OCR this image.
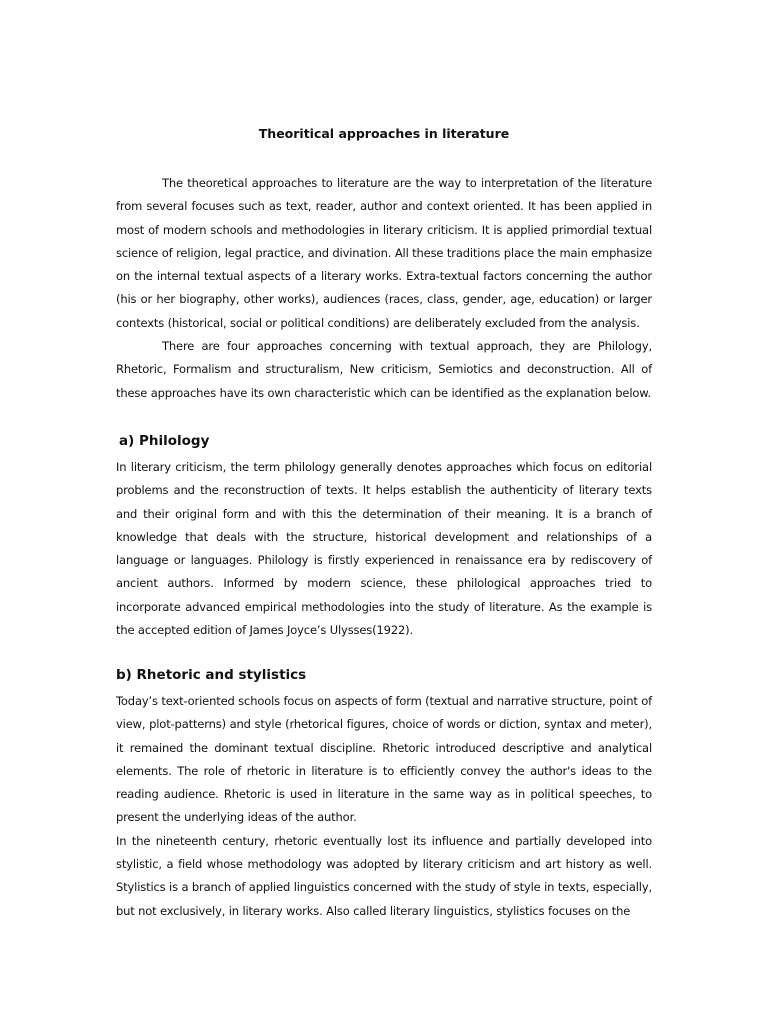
Theoritical approaches in literature

The theoretical approaches to literature are the way to interpretation of the literature from several focuses such as text, reader, author and context oriented. It has been applied in most of modern schools and methodologies in literary criticism. It is applied primordial textual science of religion, legal practice, and divination. All these traditions place the main emphasize on the internal textual aspects of a literary works. Extra-textual factors concerning the author (his or her biography, other works), audiences (races, class, gender, age, education) or larger contexts (historical, social or political conditions) are deliberately excluded from the analysis.

There are four approaches concerning with textual approach, they are Philology, Rhetoric, Formalism and structuralism, New criticism, Semiotics and deconstruction. All of these approaches have its own characteristic which can be identified as the explanation below.

a) Philology

In literary criticism, the term philology generally denotes approaches which focus on editorial problems and the reconstruction of texts. It helps establish the authenticity of literary texts and their original form and with this the determination of their meaning. It is a branch of knowledge that deals with the structure, historical development and relationships of a language or languages. Philology is firstly experienced in renaissance era by rediscovery of ancient authors. Informed by modern science, these philological approaches tried to incorporate advanced empirical methodologies into the study of literature. As the example is the accepted edition of James Joyce’s Ulysses(1922).

b) Rhetoric and stylistics

Today’s text-oriented schools focus on aspects of form (textual and narrative structure, point of view, plot-patterns) and style (rhetorical figures, choice of words or diction, syntax and meter), it remained the dominant textual discipline. Rhetoric introduced descriptive and analytical elements. The role of rhetoric in literature is to efficiently convey the author's ideas to the reading audience. Rhetoric is used in literature in the same way as in political speeches, to present the underlying ideas of the author.

In the nineteenth century, rhetoric eventually lost its influence and partially developed into stylistic, a field whose methodology was adopted by literary criticism and art history as well. Stylistics is a branch of applied linguistics concerned with the study of style in texts, especially, but not exclusively, in literary works. Also called literary linguistics, stylistics focuses on the
